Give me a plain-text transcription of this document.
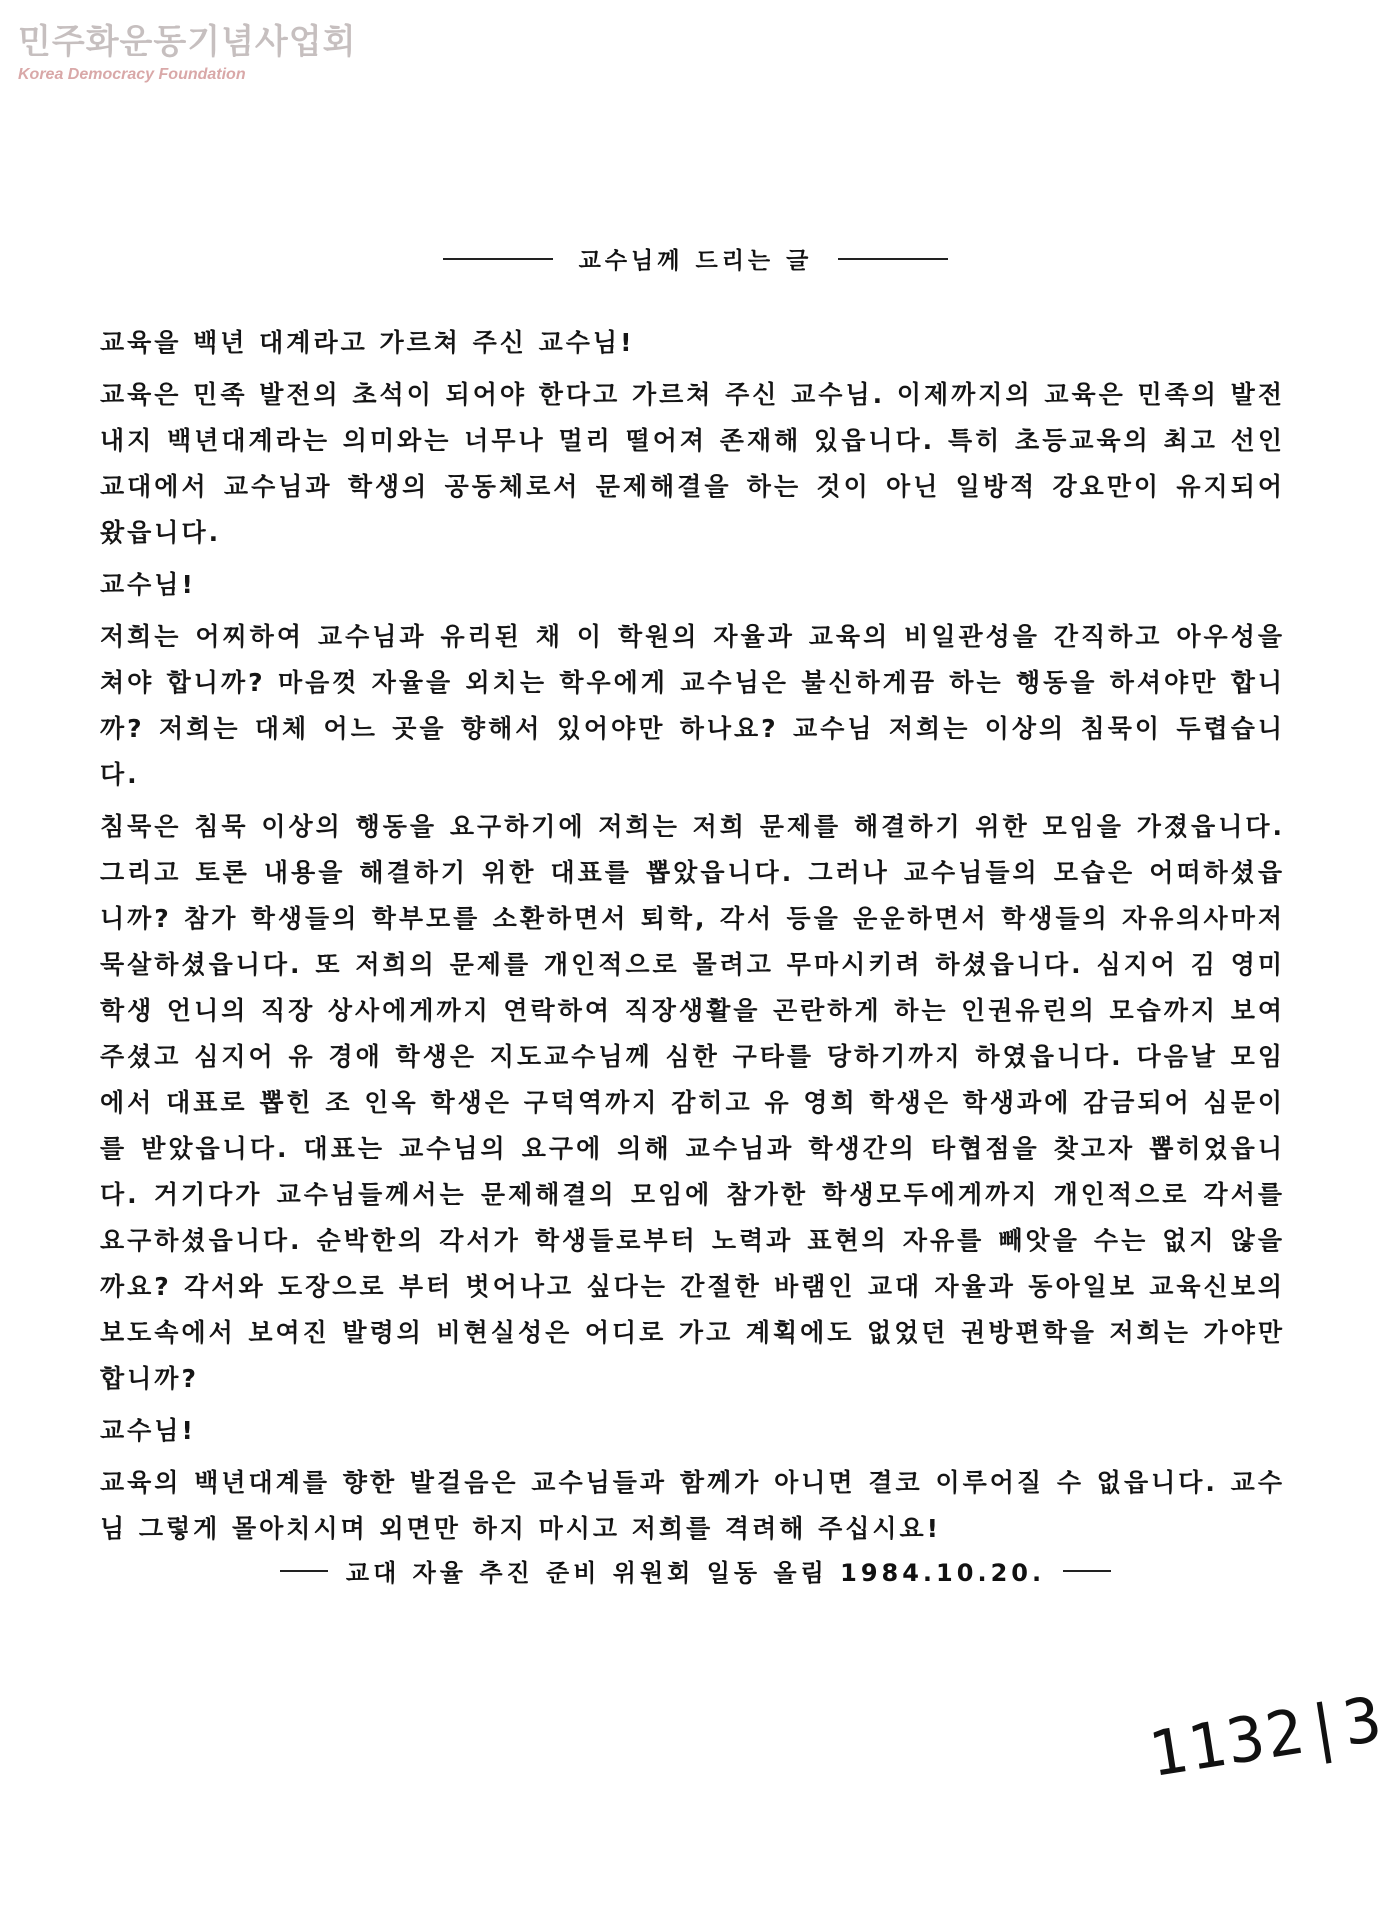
민주화운동기념사업회
Korea Democracy Foundation
교수님께 드리는 글

교육을 백년 대계라고 가르쳐 주신 교수님!

교육은 민족 발전의 초석이 되어야 한다고 가르쳐 주신 교수님. 이제까지의 교육은 민족의 발전 내지 백년대계라는 의미와는 너무나 멀리 떨어져 존재해 있읍니다. 특히 초등교육의 최고 선인 교대에서 교수님과 학생의 공동체로서 문제해결을 하는 것이 아닌 일방적 강요만이 유지되어 왔읍니다.

교수님!

저희는 어찌하여 교수님과 유리된 채 이 학원의 자율과 교육의 비일관성을 간직하고 아우성을 쳐야 합니까? 마음껏 자율을 외치는 학우에게 교수님은 불신하게끔 하는 행동을 하셔야만 합니까? 저희는 대체 어느 곳을 향해서 있어야만 하나요? 교수님 저희는 이상의 침묵이 두렵습니다.

침묵은 침묵 이상의 행동을 요구하기에 저희는 저희 문제를 해결하기 위한 모임을 가졌읍니다. 그리고 토론 내용을 해결하기 위한 대표를 뽑았읍니다. 그러나 교수님들의 모습은 어떠하셨읍니까? 참가 학생들의 학부모를 소환하면서 퇴학, 각서 등을 운운하면서 학생들의 자유의사마저 묵살하셨읍니다. 또 저희의 문제를 개인적으로 몰려고 무마시키려 하셨읍니다. 심지어 김 영미 학생 언니의 직장 상사에게까지 연락하여 직장생활을 곤란하게 하는 인권유린의 모습까지 보여주셨고 심지어 유 경애 학생은 지도교수님께 심한 구타를 당하기까지 하였읍니다. 다음날 모임에서 대표로 뽑힌 조 인옥 학생은 구덕역까지 감히고 유 영희 학생은 학생과에 감금되어 심문이를 받았읍니다. 대표는 교수님의 요구에 의해 교수님과 학생간의 타협점을 찾고자 뽑히었읍니다. 거기다가 교수님들께서는 문제해결의 모임에 참가한 학생모두에게까지 개인적으로 각서를 요구하셨읍니다. 순박한의 각서가 학생들로부터 노력과 표현의 자유를 빼앗을 수는 없지 않을까요? 각서와 도장으로 부터 벗어나고 싶다는 간절한 바램인 교대 자율과 동아일보 교육신보의 보도속에서 보여진 발령의 비현실성은 어디로 가고 계획에도 없었던 권방편학을 저희는 가야만 합니까?

교수님!

교육의 백년대계를 향한 발걸음은 교수님들과 함께가 아니면 결코 이루어질 수 없읍니다. 교수님 그렇게 몰아치시며 외면만 하지 마시고 저희를 격려해 주십시요!

교대 자율 추진 준비 위원회 일동 올림 1984.10.20.
1132|3
